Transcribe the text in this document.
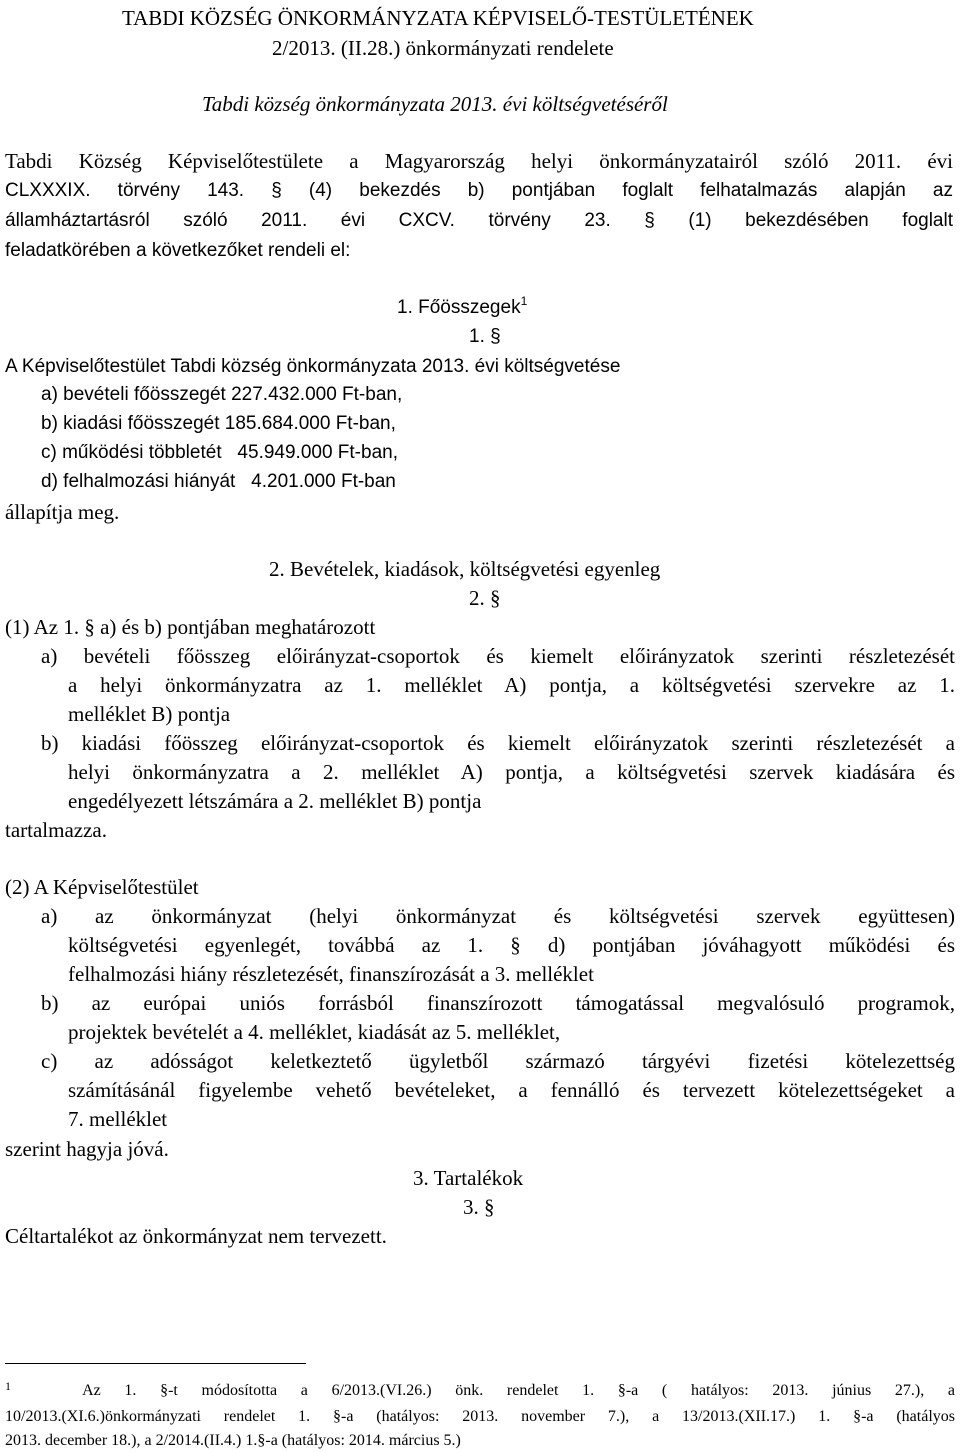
TABDI KÖZSÉG ÖNKORMÁNYZATA KÉPVISELŐ-TESTÜLETÉNEK
2/2013. (II.28.) önkormányzati rendelete
Tabdi község önkormányzata 2013. évi költségvetéséről
Tabdi Község Képviselőtestülete a Magyarország helyi önkormányzatairól szóló 2011. évi
CLXXXIX. törvény 143. § (4) bekezdés b) pontjában foglalt felhatalmazás alapján az
államháztartásról szóló 2011. évi CXCV. törvény 23. § (1) bekezdésében foglalt
feladatkörében a következőket rendeli el:
1. Főösszegek$^1$
1. §
A Képviselőtestület Tabdi község önkormányzata 2013. évi költségvetése
a) bevételi főösszegét 227.432.000 Ft-ban,
b) kiadási főösszegét 185.684.000 Ft-ban,
c) működési többletét   45.949.000 Ft-ban,
d) felhalmozási hiányát   4.201.000 Ft-ban
állapítja meg.
2. Bevételek, kiadások, költségvetési egyenleg
2. §
(1) Az 1. § a) és b) pontjában meghatározott
a) bevételi főösszeg előirányzat-csoportok és kiemelt előirányzatok szerinti részletezését
a helyi önkormányzatra az 1. melléklet A) pontja, a költségvetési szervekre az 1.
melléklet B) pontja
b) kiadási főösszeg előirányzat-csoportok és kiemelt előirányzatok szerinti részletezését a
helyi önkormányzatra a 2. melléklet A) pontja, a költségvetési szervek kiadására és
engedélyezett létszámára a 2. melléklet B) pontja
tartalmazza.
(2) A Képviselőtestület
a) az önkormányzat (helyi önkormányzat és költségvetési szervek együttesen)
költségvetési egyenlegét, továbbá az 1. § d) pontjában jóváhagyott működési és
felhalmozási hiány részletezését, finanszírozását a 3. melléklet
b) az európai uniós forrásból finanszírozott támogatással megvalósuló programok,
projektek bevételét a 4. melléklet, kiadását az 5. melléklet,
c) az adósságot keletkeztető ügyletből származó tárgyévi fizetési kötelezettség
számításánál figyelembe vehető bevételeket, a fennálló és tervezett kötelezettségeket a
7. melléklet
szerint hagyja jóvá.
3. Tartalékok
3. §
Céltartalékot az önkormányzat nem tervezett.
$^1$	Az 1. §-t módosította a 6/2013.(VI.26.) önk. rendelet 1. §-a ( hatályos: 2013. június 27.), a
10/2013.(XI.6.)önkormányzati rendelet 1. §-a (hatályos: 2013. november 7.), a 13/2013.(XII.17.) 1. §-a (hatályos
2013. december 18.), a 2/2014.(II.4.) 1.§-a (hatályos: 2014. március 5.)
